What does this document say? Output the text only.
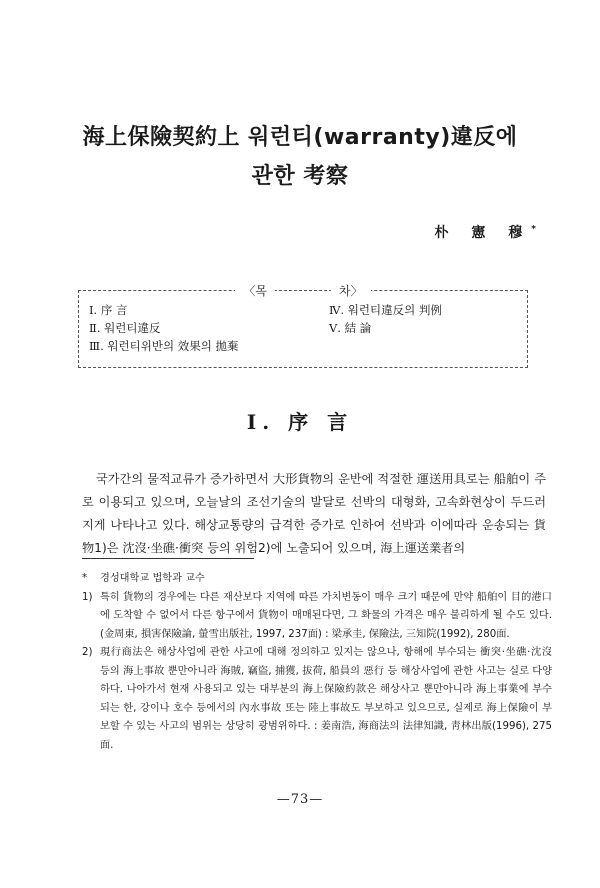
海上保險契約上 워런티(warranty)違反에
관한 考察
朴 憲 穆*
〈목	차〉
Ⅰ. 序 言
Ⅱ. 워런티違反
Ⅲ. 워런티위반의 效果의 拋棄
Ⅳ. 워런티違反의 判例
Ⅴ. 結 論
Ⅰ. 序 言

국가간의 물적교류가 증가하면서 大形貨物의 운반에 적절한 運送用具로는 船舶이 주로 이용되고 있으며, 오늘날의 조선기술의 발달로 선박의 대형화, 고속화현상이 두드러지게 나타나고 있다. 해상교통량의 급격한 증가로 인하여 선박과 이에따라 운송되는 貨物1)은 沈沒·坐礁·衝突 등의 위험2)에 노출되어 있으며, 海上運送業者의

* 경성대학교 법학과 교수
1) 특히 貨物의 경우에는 다른 재산보다 지역에 따른 가치변동이 매우 크기 때문에 만약 船舶이 目的港口에 도착할 수 없어서 다른 항구에서 貨物이 매매된다면, 그 화물의 가격은 매우 불리하게 될 수도 있다.(金周東, 損害保險論, 螢雪出版社, 1997, 237面) : 梁承圭, 保險法, 三知院(1992), 280面.
2) 現行商法은 해상사업에 관한 사고에 대해 정의하고 있지는 않으나, 항해에 부수되는 衝突·坐礁·沈沒 등의 海上事故 뿐만아니라 海賊, 竊盜, 捕獲, 拔荷, 船員의 惡行 등 해상사업에 관한 사고는 실로 다양하다. 나아가서 현재 사용되고 있는 대부분의 海上保險約款은 해상사고 뿐만아니라 海上事業에 부수되는 한, 강이나 호수 등에서의 內水事故 또는 陸上事故도 부보하고 있으므로, 실제로 海上保險이 부보할 수 있는 사고의 범위는 상당히 광범위하다. : 姜南浩, 海商法의 法律知識, 靑林出版(1996), 275面.
—73—
